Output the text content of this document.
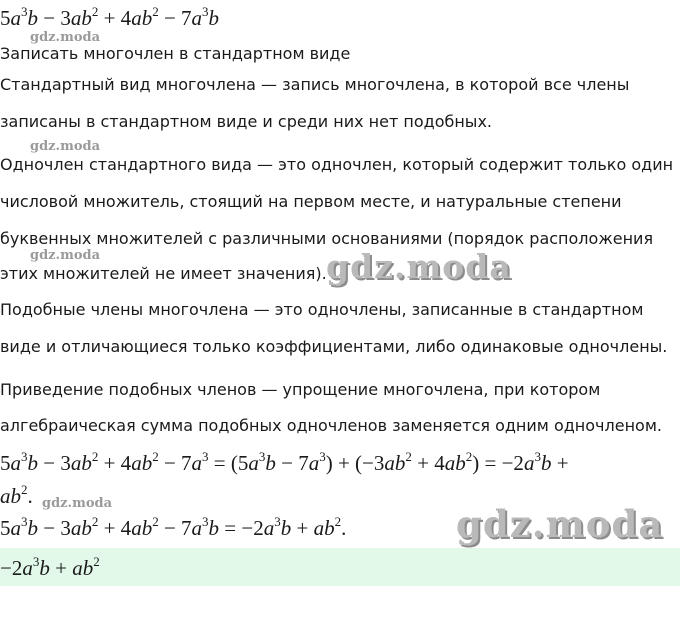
$5a^3b - 3ab^2 + 4ab^2 - 7a^3b$
gdz.moda
Записать многочлен в стандартном виде
Стандартный вид многочлена — запись многочлена, в которой все члены
записаны в стандартном виде и среди них нет подобных.
gdz.moda
Одночлен стандартного вида — это одночлен, который содержит только один
числовой множитель, стоящий на первом месте, и натуральные степени
буквенных множителей с различными основаниями (порядок расположения
gdz.moda
этих множителей не имеет значения). gdz.moda
Подобные члены многочлена — это одночлены, записанные в стандартном
виде и отличающиеся только коэффициентами, либо одинаковые одночлены.
Приведение подобных членов — упрощение многочлена, при котором
алгебраическая сумма подобных одночленов заменяется одним одночленом.
$5a^3b - 3ab^2 + 4ab^2 - 7a^3 = (5a^3b - 7a^3) + (-3ab^2 + 4ab^2) = -2a^3b$ +
$ab^2$. gdz.moda
$5a^3b - 3ab^2 + 4ab^2 - 7a^3b = -2a^3b + ab^2$.	gdz.moda
$-2a^3b + ab^2$
